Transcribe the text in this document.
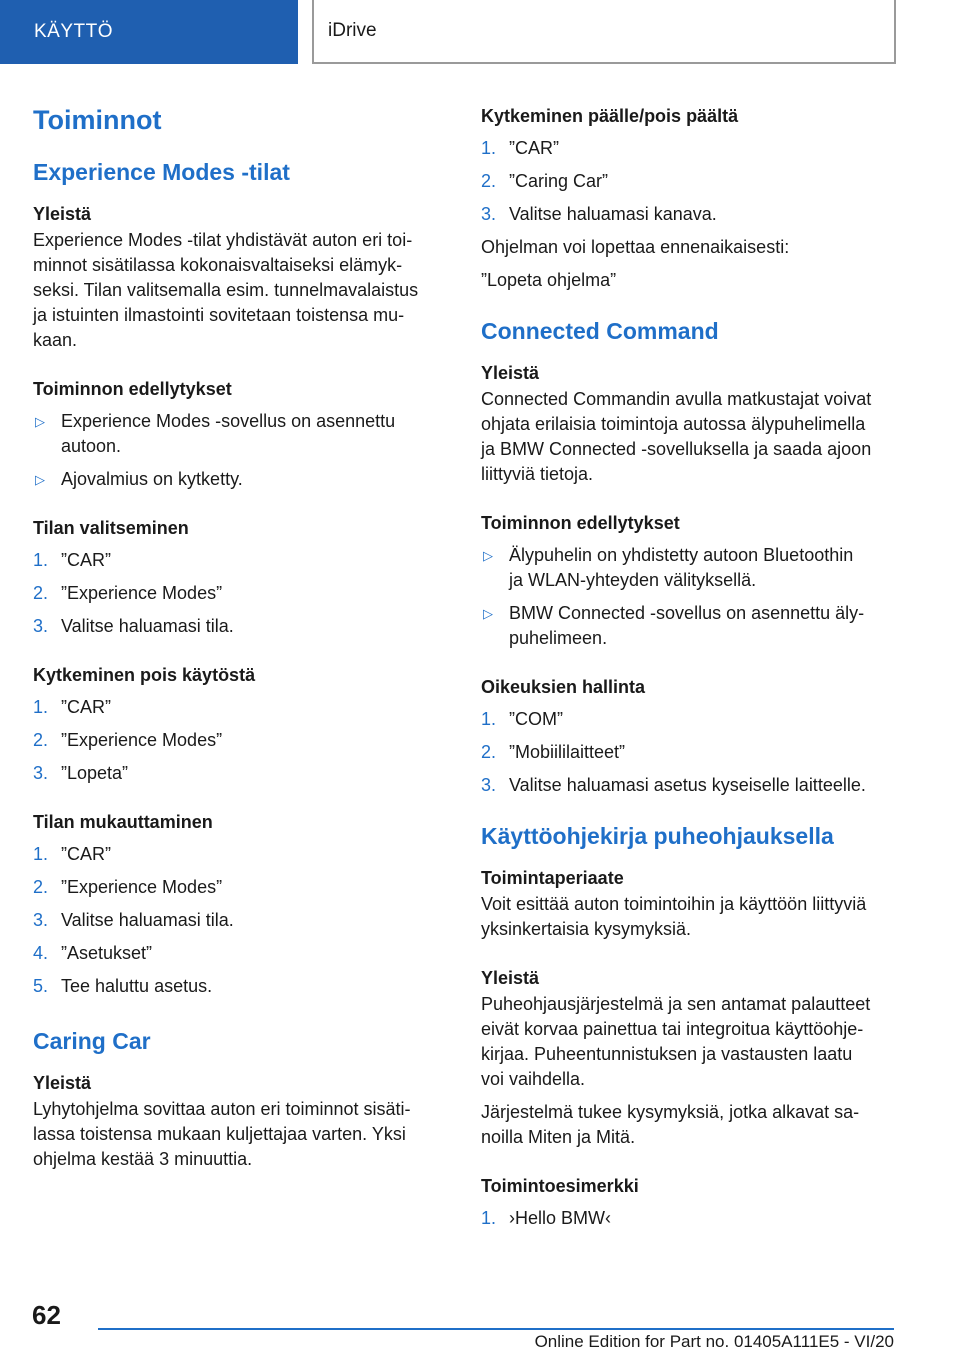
KÄYTTÖ	iDrive
Toiminnot
Experience Modes -tilat
Yleistä

Experience Modes -tilat yhdistävät auton eri toi-

minnot sisätilassa kokonaisvaltaiseksi elämyk-

seksi. Tilan valitsemalla esim. tunnelmavalaistus

ja istuinten ilmastointi sovitetaan toistensa mu-

kaan.

Toiminnon edellytykset
▷ Experience Modes -sovellus on asennettu
autoon.
▷ Ajovalmius on kytketty.
Tilan valitseminen
1. ”CAR”
2. ”Experience Modes”
3. Valitse haluamasi tila.
Kytkeminen pois käytöstä
1. ”CAR”
2. ”Experience Modes”
3. ”Lopeta”
Tilan mukauttaminen
1. ”CAR”
2. ”Experience Modes”
3. Valitse haluamasi tila.
4. ”Asetukset”
5. Tee haluttu asetus.
Caring Car
Yleistä

Lyhytohjelma sovittaa auton eri toiminnot sisäti-

lassa toistensa mukaan kuljettajaa varten. Yksi

ohjelma kestää 3 minuuttia.

Kytkeminen päälle/pois päältä
1. ”CAR”
2. ”Caring Car”
3. Valitse haluamasi kanava.

Ohjelman voi lopettaa ennenaikaisesti:

”Lopeta ohjelma”

Connected Command
Yleistä

Connected Commandin avulla matkustajat voivat

ohjata erilaisia toimintoja autossa älypuhelimella

ja BMW Connected -sovelluksella ja saada ajoon

liittyviä tietoja.

Toiminnon edellytykset
▷ Älypuhelin on yhdistetty autoon Bluetoothin
ja WLAN-yhteyden välityksellä.
▷ BMW Connected -sovellus on asennettu äly-
puhelimeen.
Oikeuksien hallinta
1. ”COM”
2. ”Mobiililaitteet”
3. Valitse haluamasi asetus kyseiselle laitteelle.
Käyttöohjekirja puheohjauksella
Toimintaperiaate

Voit esittää auton toimintoihin ja käyttöön liittyviä

yksinkertaisia kysymyksiä.

Yleistä

Puheohjausjärjestelmä ja sen antamat palautteet

eivät korvaa painettua tai integroitua käyttöohje-

kirjaa. Puheentunnistuksen ja vastausten laatu

voi vaihdella.

Järjestelmä tukee kysymyksiä, jotka alkavat sa-

noilla Miten ja Mitä.

Toimintoesimerkki
1. ›Hello BMW‹
62
Online Edition for Part no. 01405A111E5 - VI/20
